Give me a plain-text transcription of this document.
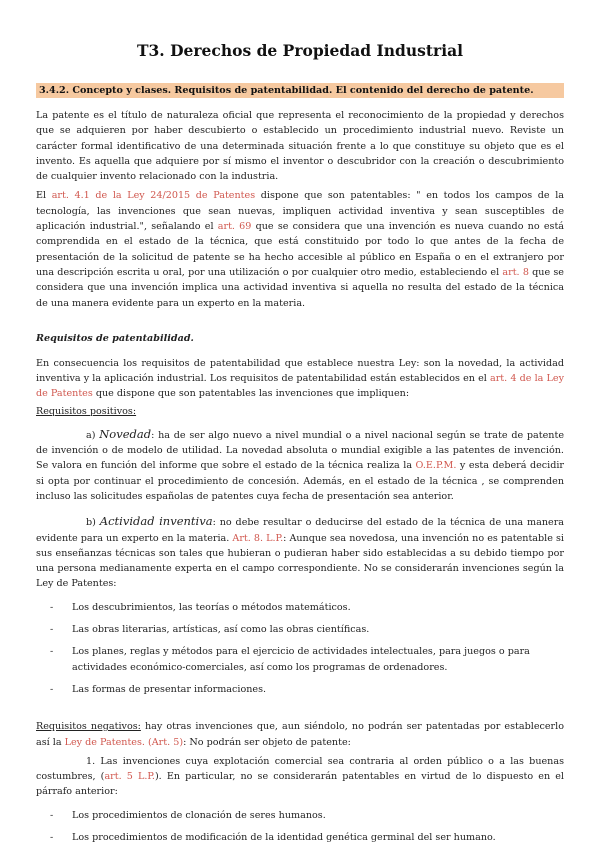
T3. Derechos de Propiedad Industrial
3.4.2. Concepto y clases. Requisitos de patentabilidad. El contenido del derecho de patente.

La patente es el título de naturaleza oficial que representa el reconocimiento de la propiedad y derechos que se adquieren por haber descubierto o establecido un procedimiento industrial nuevo. Reviste un carácter formal identificativo de una determinada situación frente a lo que constituye su objeto que es el invento. Es aquella que adquiere por sí mismo el inventor o descubridor con la creación o descubrimiento de cualquier invento relacionado con la industria.

El art. 4.1 de la Ley 24/2015 de Patentes dispone que son patentables: " en todos los campos de la tecnología, las invenciones que sean nuevas, impliquen actividad inventiva y sean susceptibles de aplicación industrial.", señalando el art. 69 que se considera que una invención es nueva cuando no está comprendida en el estado de la técnica, que está constituido por todo lo que antes de la fecha de presentación de la solicitud de patente se ha hecho accesible al público en España o en el extranjero por una descripción escrita u oral, por una utilización o por cualquier otro medio, estableciendo el art. 8 que se considera que una invención implica una actividad inventiva si aquella no resulta del estado de la técnica de una manera evidente para un experto en la materia.

Requisitos de patentabilidad.

En consecuencia los requisitos de patentabilidad que establece nuestra Ley: son la novedad, la actividad inventiva y la aplicación industrial. Los requisitos de patentabilidad están establecidos en el art. 4 de la Ley de Patentes que dispone que son patentables las invenciones que impliquen:

Requisitos positivos:

a) Novedad: ha de ser algo nuevo a nivel mundial o a nivel nacional según se trate de patente de invención o de modelo de utilidad. La novedad absoluta o mundial exigible a las patentes de invención. Se valora en función del informe que sobre el estado de la técnica realiza la O.E.P.M. y esta deberá decidir si opta por continuar el procedimiento de concesión. Además, en el estado de la técnica , se comprenden incluso las solicitudes españolas de patentes cuya fecha de presentación sea anterior.

b) Actividad inventiva: no debe resultar o deducirse del estado de la técnica de una manera evidente para un experto en la materia. Art. 8. L.P.: Aunque sea novedosa, una invención no es patentable si sus enseñanzas técnicas son tales que hubieran o pudieran haber sido establecidas a su debido tiempo por una persona medianamente experta en el campo correspondiente. No se considerarán invenciones según la Ley de Patentes:

- Los descubrimientos, las teorías o métodos matemáticos.
- Las obras literarias, artísticas, así como las obras científicas.
- Los planes, reglas y métodos para el ejercicio de actividades intelectuales, para juegos o para actividades económico-comerciales, así como los programas de ordenadores.
- Las formas de presentar informaciones.

Requisitos negativos: hay otras invenciones que, aun siéndolo, no podrán ser patentadas por establecerlo así la Ley de Patentes. (Art. 5): No podrán ser objeto de patente:

1. Las invenciones cuya explotación comercial sea contraria al orden público o a las buenas costumbres, (art. 5 L.P.). En particular, no se considerarán patentables en virtud de lo dispuesto en el párrafo anterior:

- Los procedimientos de clonación de seres humanos.
- Los procedimientos de modificación de la identidad genética germinal del ser humano.
